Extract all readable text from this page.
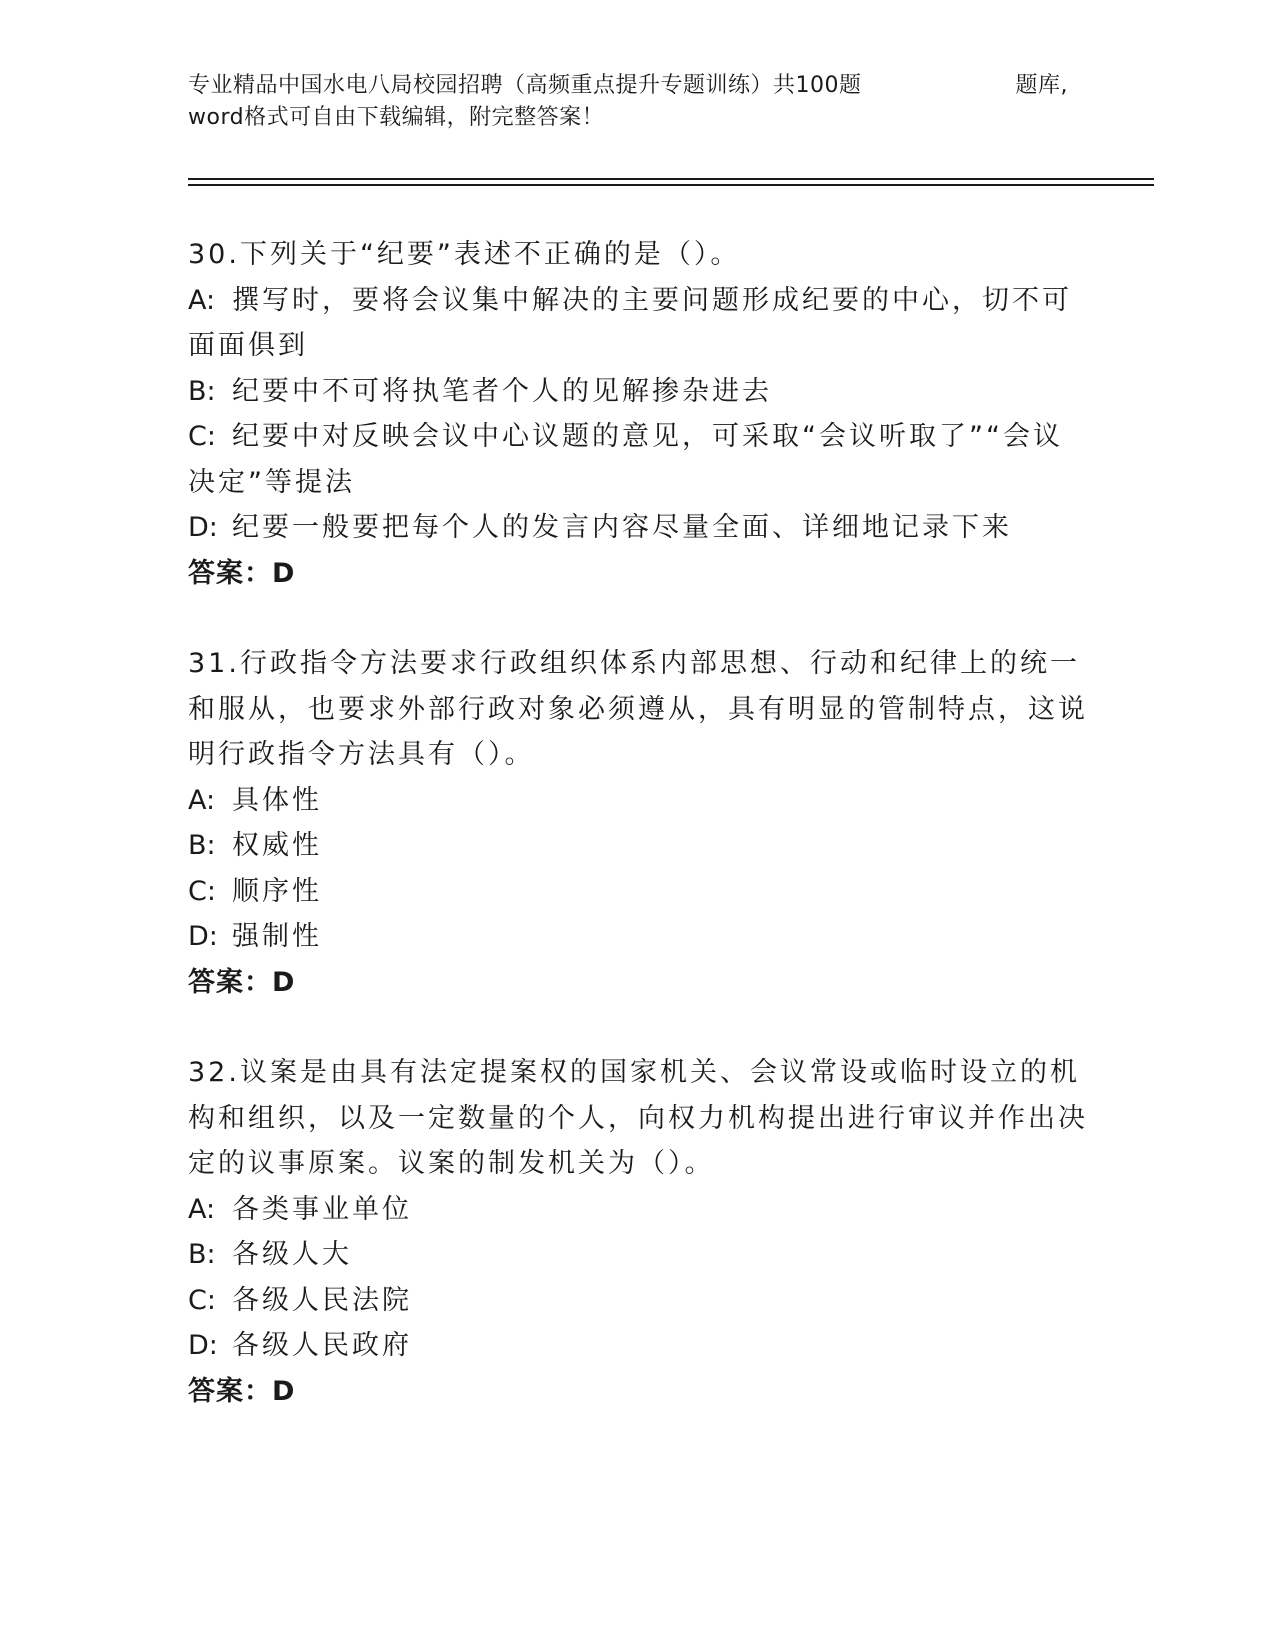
专业精品中国水电八局校园招聘（高频重点提升专题训练）共100题	题库,
word格式可自由下载编辑，附完整答案！

30.下列关于“纪要”表述不正确的是（）。

A: 撰写时，要将会议集中解决的主要问题形成纪要的中心，切不可面面俱到

B: 纪要中不可将执笔者个人的见解掺杂进去

C: 纪要中对反映会议中心议题的意见，可采取“会议听取了”“会议决定”等提法

D: 纪要一般要把每个人的发言内容尽量全面、详细地记录下来

答案：D

31.行政指令方法要求行政组织体系内部思想、行动和纪律上的统一和服从，也要求外部行政对象必须遵从，具有明显的管制特点，这说明行政指令方法具有（）。

A: 具体性

B: 权威性

C: 顺序性

D: 强制性

答案：D

32.议案是由具有法定提案权的国家机关、会议常设或临时设立的机构和组织，以及一定数量的个人，向权力机构提出进行审议并作出决定的议事原案。议案的制发机关为（）。

A: 各类事业单位

B: 各级人大

C: 各级人民法院

D: 各级人民政府

答案：D
